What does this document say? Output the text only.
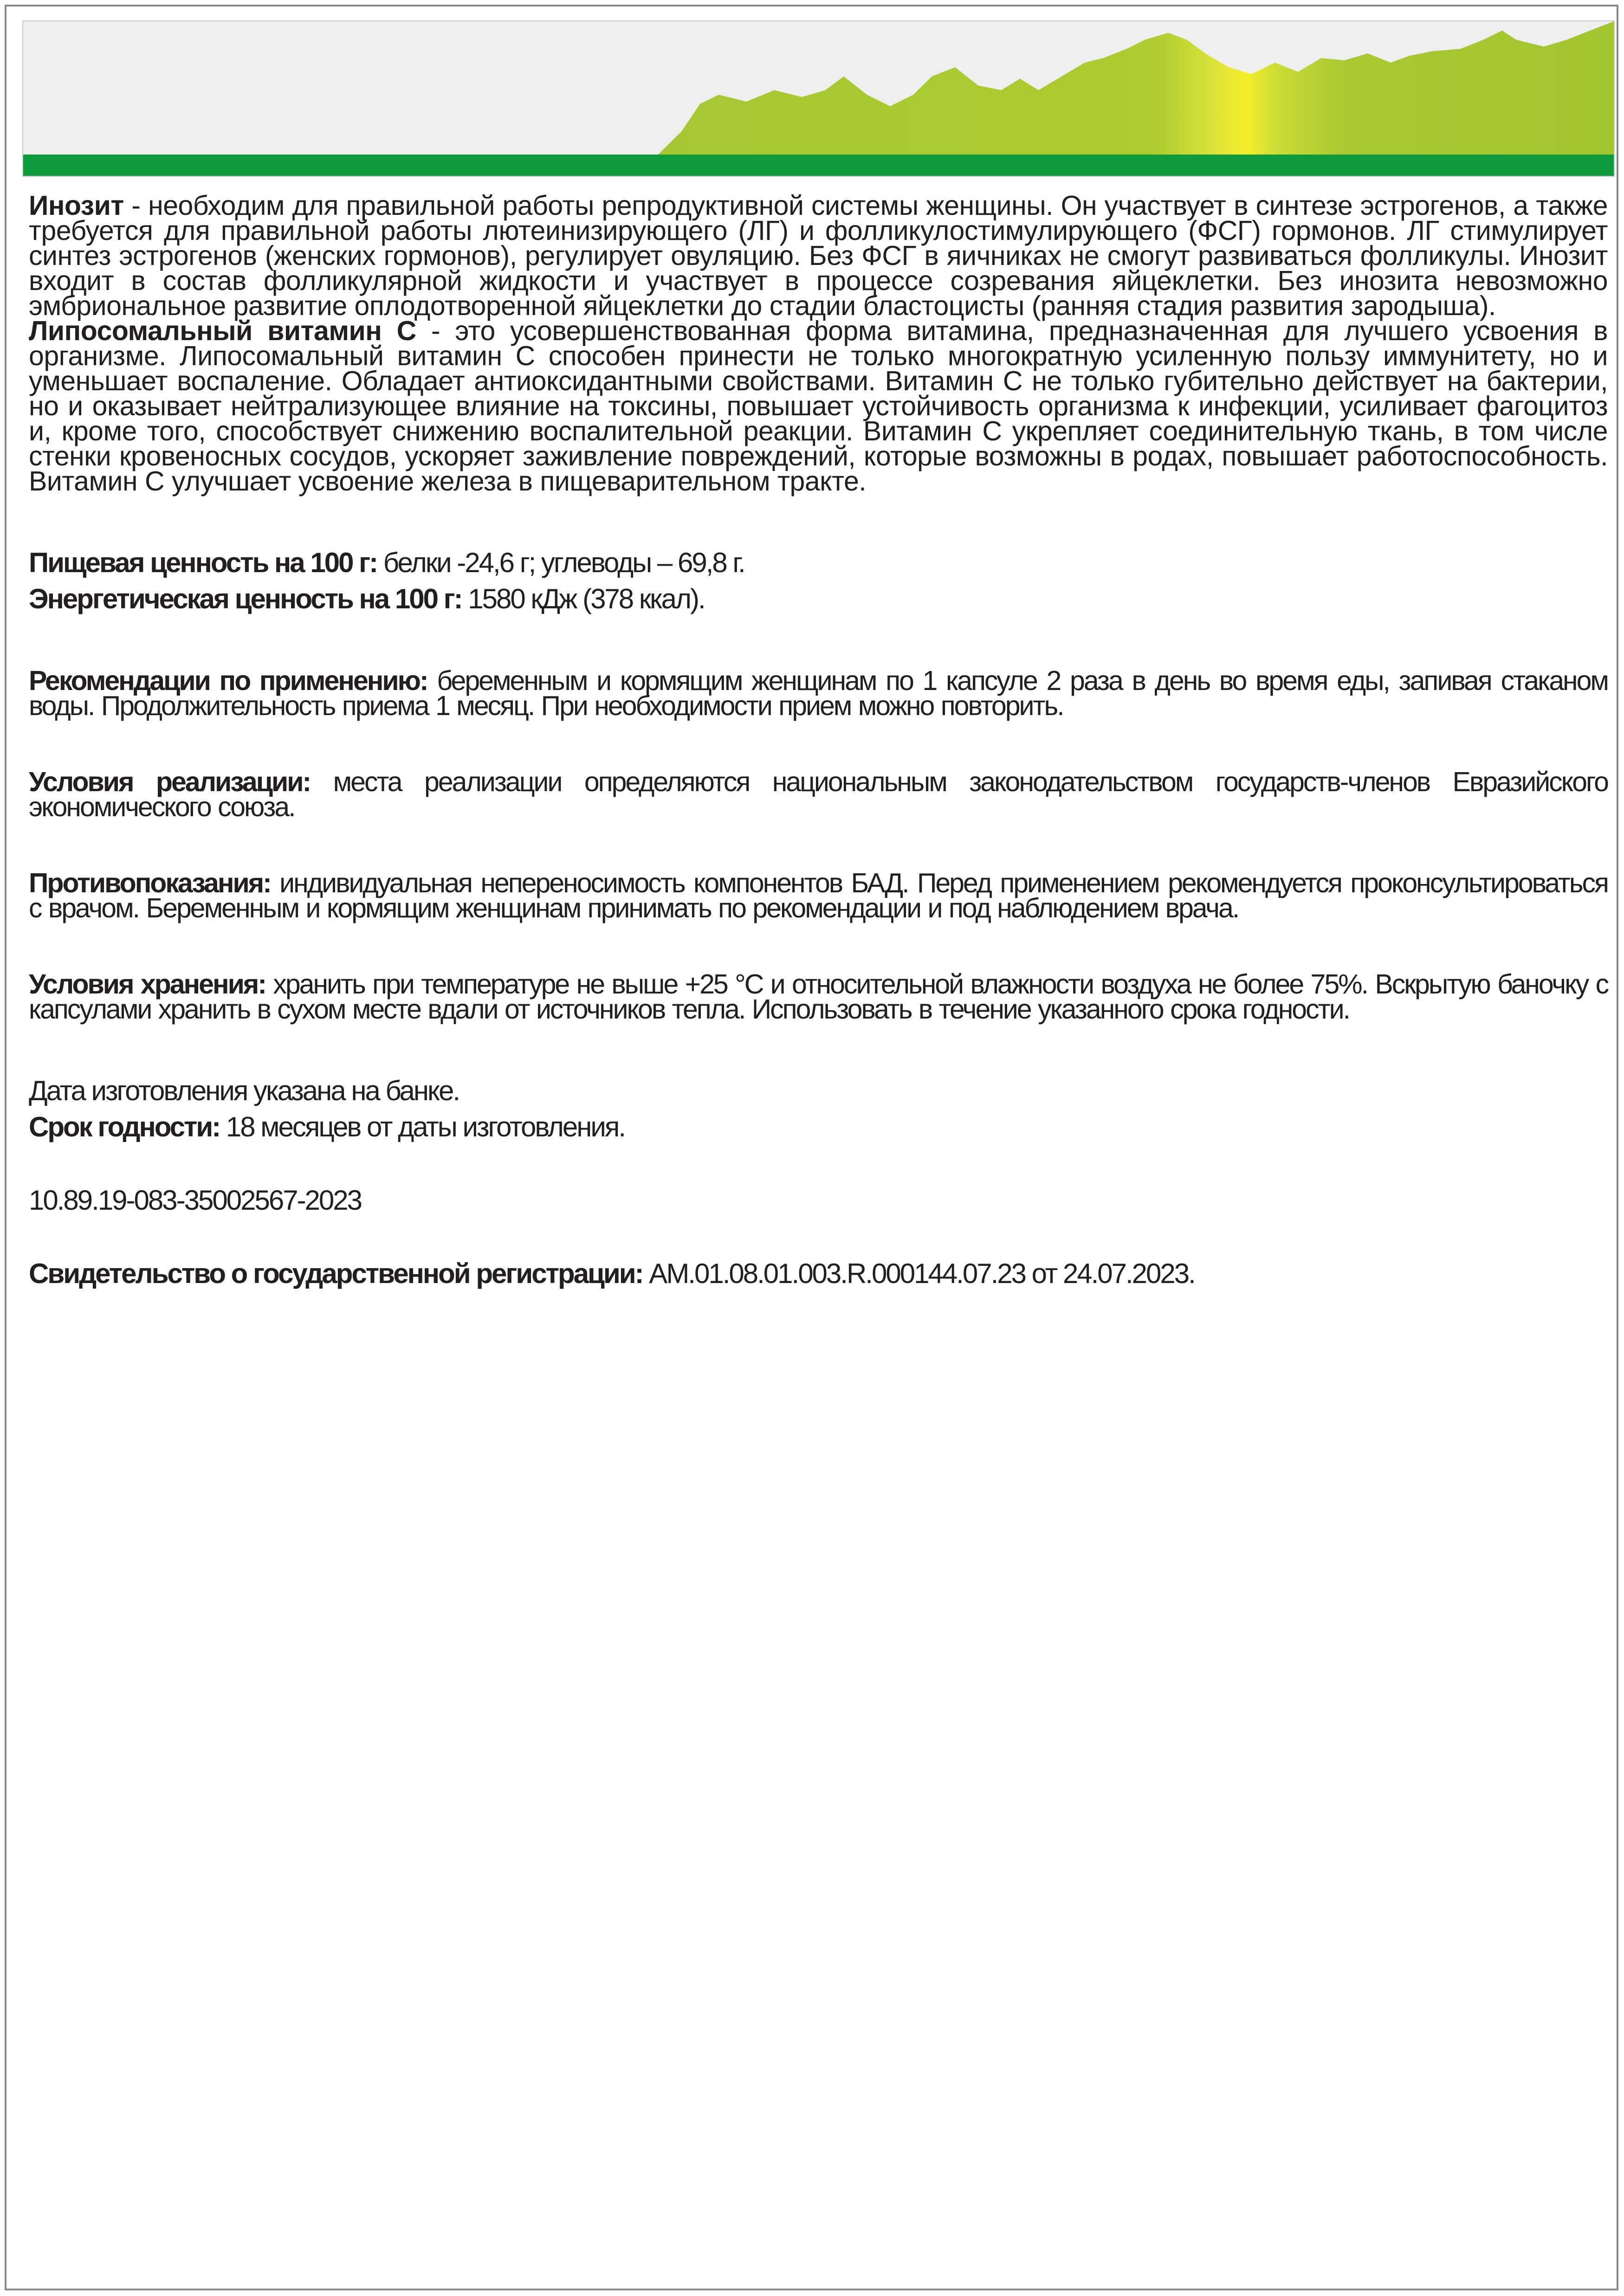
Инозит - необходим для правильной работы репродуктивной системы женщины. Он участвует в синтезе эстрогенов, а также требуется для правильной работы лютеинизирующего (ЛГ) и фолликулостимулирующего (ФСГ) гормонов. ЛГ стимулирует синтез эстрогенов (женских гормонов), регулирует овуляцию. Без ФСГ в яичниках не смогут развиваться фолликулы. Инозит входит в состав фолликулярной жидкости и участвует в процессе созревания яйцеклетки. Без инозита невозможно эмбриональное развитие оплодотворенной яйцеклетки до стадии бластоцисты (ранняя стадия развития зародыша).

Липосомальный витамин С - это усовершенствованная форма витамина, предназначенная для лучшего усвоения в организме. Липосомальный витамин С способен принести не только многократную усиленную пользу иммунитету, но и уменьшает воспаление. Обладает антиоксидантными свойствами. Витамин С не только губительно действует на бактерии, но и оказывает нейтрализующее влияние на токсины, повышает устойчивость организма к инфекции, усиливает фагоцитоз и, кроме того, способствует снижению воспалительной реакции. Витамин С укрепляет соединительную ткань, в том числе стенки кровеносных сосудов, ускоряет заживление повреждений, которые возможны в родах, повышает работоспособность. Витамин С улучшает усвоение железа в пищеварительном тракте.

Пищевая ценность на 100 г: белки -24,6 г; углеводы – 69,8 г.

Энергетическая ценность на 100 г: 1580 кДж (378 ккал).

Рекомендации по применению: беременным и кормящим женщинам по 1 капсуле 2 раза в день во время еды, запивая стаканом воды. Продолжительность приема 1 месяц. При необходимости прием можно повторить.

Условия реализации: места реализации определяются национальным законодательством государств-членов Евразийского экономического союза.

Противопоказания: индивидуальная непереносимость компонентов БАД. Перед применением рекомендуется проконсультироваться с врачом. Беременным и кормящим женщинам принимать по рекомендации и под наблюдением врача.

Условия хранения: хранить при температуре не выше +25 °С и относительной влажности воздуха не более 75%. Вскрытую баночку с капсулами хранить в сухом месте вдали от источников тепла. Использовать в течение указанного срока годности.

Дата изготовления указана на банке.

Срок годности: 18 месяцев от даты изготовления.

10.89.19-083-35002567-2023

Свидетельство о государственной регистрации: AM.01.08.01.003.R.000144.07.23 от 24.07.2023.
